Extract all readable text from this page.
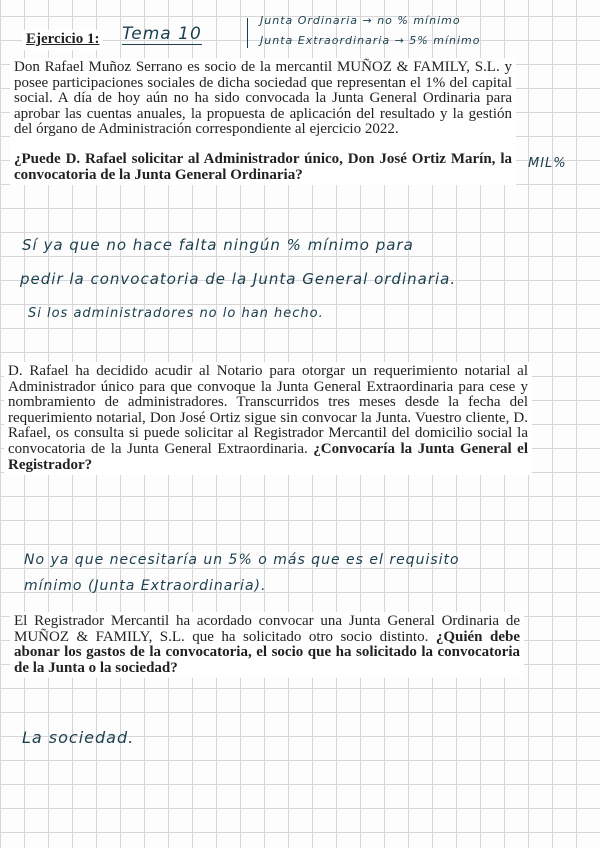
Ejercicio 1: Tema 10
Junta Ordinaria → no % mínimo
Junta Extraordinaria → 5% mínimo
Don Rafael Muñoz Serrano es socio de la mercantil MUÑOZ & FAMILY, S.L. y posee participaciones sociales de dicha sociedad que representan el 1% del capital social. A día de hoy aún no ha sido convocada la Junta General Ordinaria para aprobar las cuentas anuales, la propuesta de aplicación del resultado y la gestión del órgano de Administración correspondiente al ejercicio 2022.
¿Puede D. Rafael solicitar al Administrador único, Don José Ortiz Marín, la convocatoria de la Junta General Ordinaria?
MIL%
Sí ya que no hace falta ningún % mínimo para
pedir la convocatoria de la Junta General ordinaria.
Si los administradores no lo han hecho.
D. Rafael ha decidido acudir al Notario para otorgar un requerimiento notarial al Administrador único para que convoque la Junta General Extraordinaria para cese y nombramiento de administradores. Transcurridos tres meses desde la fecha del requerimiento notarial, Don José Ortiz sigue sin convocar la Junta. Vuestro cliente, D. Rafael, os consulta si puede solicitar al Registrador Mercantil del domicilio social la convocatoria de la Junta General Extraordinaria. ¿Convocaría la Junta General el Registrador?
No ya que necesitaría un 5% o más que es el requisito
mínimo (Junta Extraordinaria).
El Registrador Mercantil ha acordado convocar una Junta General Ordinaria de MUÑOZ & FAMILY, S.L. que ha solicitado otro socio distinto. ¿Quién debe abonar los gastos de la convocatoria, el socio que ha solicitado la convocatoria de la Junta o la sociedad?
La sociedad.
